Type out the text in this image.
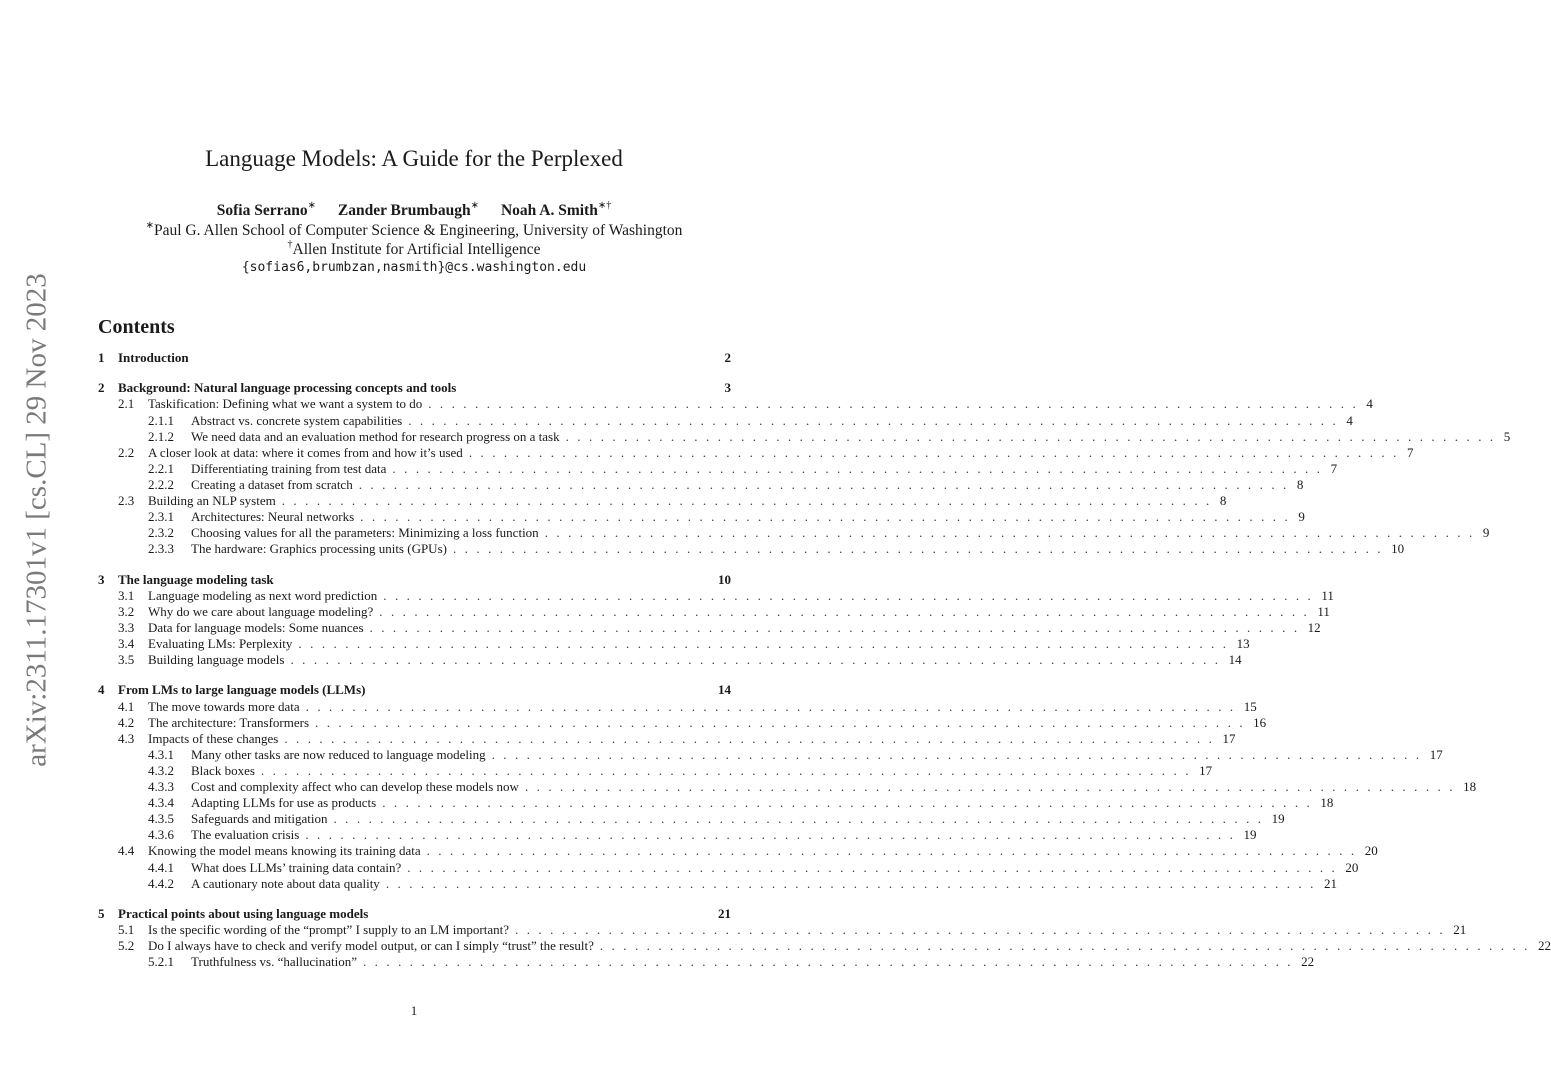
arXiv:2311.17301v1 [cs.CL] 29 Nov 2023
Language Models: A Guide for the Perplexed
Sofia Serrano∗ Zander Brumbaugh∗ Noah A. Smith∗†
∗Paul G. Allen School of Computer Science & Engineering, University of Washington
†Allen Institute for Artificial Intelligence
{sofias6,brumbzan,nasmith}@cs.washington.edu
Contents
1	Introduction	2
2	Background: Natural language processing concepts and tools	3
2.1	Taskification: Defining what we want a system to do . . . . . . . . . . . . . . . . . . . . . . . . . . . . . . . . . . . . . . . . . . . . . . . . . . . . . . . . . . . . . . . . . . . . . . . . . . . . . . . . 4
2.1.1	Abstract vs. concrete system capabilities . . . . . . . . . . . . . . . . . . . . . . . . . . . . . . . . . . . . . . . . . . . . . . . . . . . . . . . . . . . . . . . . . . . . . . . . . . . . . . . . 4
2.1.2	We need data and an evaluation method for research progress on a task . . . . . . . . . . . . . . . . . . . . . . . . . . . . . . . . . . . . . . . . . . . . . . . . . . . . . . . . . . . . . . . . . . . . . . . . . . . . . . . . 5
2.2	A closer look at data: where it comes from and how it’s used . . . . . . . . . . . . . . . . . . . . . . . . . . . . . . . . . . . . . . . . . . . . . . . . . . . . . . . . . . . . . . . . . . . . . . . . . . . . . . . . 7
2.2.1	Differentiating training from test data . . . . . . . . . . . . . . . . . . . . . . . . . . . . . . . . . . . . . . . . . . . . . . . . . . . . . . . . . . . . . . . . . . . . . . . . . . . . . . . . 7
2.2.2	Creating a dataset from scratch . . . . . . . . . . . . . . . . . . . . . . . . . . . . . . . . . . . . . . . . . . . . . . . . . . . . . . . . . . . . . . . . . . . . . . . . . . . . . . . . 8
2.3	Building an NLP system . . . . . . . . . . . . . . . . . . . . . . . . . . . . . . . . . . . . . . . . . . . . . . . . . . . . . . . . . . . . . . . . . . . . . . . . . . . . . . . . 8
2.3.1	Architectures: Neural networks . . . . . . . . . . . . . . . . . . . . . . . . . . . . . . . . . . . . . . . . . . . . . . . . . . . . . . . . . . . . . . . . . . . . . . . . . . . . . . . . 9
2.3.2	Choosing values for all the parameters: Minimizing a loss function . . . . . . . . . . . . . . . . . . . . . . . . . . . . . . . . . . . . . . . . . . . . . . . . . . . . . . . . . . . . . . . . . . . . . . . . . . . . . . . . 9
2.3.3	The hardware: Graphics processing units (GPUs) . . . . . . . . . . . . . . . . . . . . . . . . . . . . . . . . . . . . . . . . . . . . . . . . . . . . . . . . . . . . . . . . . . . . . . . . . . . . . . . . 10
3	The language modeling task	10
3.1	Language modeling as next word prediction . . . . . . . . . . . . . . . . . . . . . . . . . . . . . . . . . . . . . . . . . . . . . . . . . . . . . . . . . . . . . . . . . . . . . . . . . . . . . . . . 11
3.2	Why do we care about language modeling? . . . . . . . . . . . . . . . . . . . . . . . . . . . . . . . . . . . . . . . . . . . . . . . . . . . . . . . . . . . . . . . . . . . . . . . . . . . . . . . . 11
3.3	Data for language models: Some nuances . . . . . . . . . . . . . . . . . . . . . . . . . . . . . . . . . . . . . . . . . . . . . . . . . . . . . . . . . . . . . . . . . . . . . . . . . . . . . . . . 12
3.4	Evaluating LMs: Perplexity . . . . . . . . . . . . . . . . . . . . . . . . . . . . . . . . . . . . . . . . . . . . . . . . . . . . . . . . . . . . . . . . . . . . . . . . . . . . . . . . 13
3.5	Building language models . . . . . . . . . . . . . . . . . . . . . . . . . . . . . . . . . . . . . . . . . . . . . . . . . . . . . . . . . . . . . . . . . . . . . . . . . . . . . . . . 14
4	From LMs to large language models (LLMs)	14
4.1	The move towards more data . . . . . . . . . . . . . . . . . . . . . . . . . . . . . . . . . . . . . . . . . . . . . . . . . . . . . . . . . . . . . . . . . . . . . . . . . . . . . . . . 15
4.2	The architecture: Transformers . . . . . . . . . . . . . . . . . . . . . . . . . . . . . . . . . . . . . . . . . . . . . . . . . . . . . . . . . . . . . . . . . . . . . . . . . . . . . . . . 16
4.3	Impacts of these changes . . . . . . . . . . . . . . . . . . . . . . . . . . . . . . . . . . . . . . . . . . . . . . . . . . . . . . . . . . . . . . . . . . . . . . . . . . . . . . . . 17
4.3.1	Many other tasks are now reduced to language modeling . . . . . . . . . . . . . . . . . . . . . . . . . . . . . . . . . . . . . . . . . . . . . . . . . . . . . . . . . . . . . . . . . . . . . . . . . . . . . . . . 17
4.3.2	Black boxes . . . . . . . . . . . . . . . . . . . . . . . . . . . . . . . . . . . . . . . . . . . . . . . . . . . . . . . . . . . . . . . . . . . . . . . . . . . . . . . . 17
4.3.3	Cost and complexity affect who can develop these models now . . . . . . . . . . . . . . . . . . . . . . . . . . . . . . . . . . . . . . . . . . . . . . . . . . . . . . . . . . . . . . . . . . . . . . . . . . . . . . . . 18
4.3.4	Adapting LLMs for use as products . . . . . . . . . . . . . . . . . . . . . . . . . . . . . . . . . . . . . . . . . . . . . . . . . . . . . . . . . . . . . . . . . . . . . . . . . . . . . . . . 18
4.3.5	Safeguards and mitigation . . . . . . . . . . . . . . . . . . . . . . . . . . . . . . . . . . . . . . . . . . . . . . . . . . . . . . . . . . . . . . . . . . . . . . . . . . . . . . . . 19
4.3.6	The evaluation crisis . . . . . . . . . . . . . . . . . . . . . . . . . . . . . . . . . . . . . . . . . . . . . . . . . . . . . . . . . . . . . . . . . . . . . . . . . . . . . . . . 19
4.4	Knowing the model means knowing its training data . . . . . . . . . . . . . . . . . . . . . . . . . . . . . . . . . . . . . . . . . . . . . . . . . . . . . . . . . . . . . . . . . . . . . . . . . . . . . . . . 20
4.4.1	What does LLMs’ training data contain? . . . . . . . . . . . . . . . . . . . . . . . . . . . . . . . . . . . . . . . . . . . . . . . . . . . . . . . . . . . . . . . . . . . . . . . . . . . . . . . . 20
4.4.2	A cautionary note about data quality . . . . . . . . . . . . . . . . . . . . . . . . . . . . . . . . . . . . . . . . . . . . . . . . . . . . . . . . . . . . . . . . . . . . . . . . . . . . . . . . 21
5	Practical points about using language models	21
5.1	Is the specific wording of the “prompt” I supply to an LM important? . . . . . . . . . . . . . . . . . . . . . . . . . . . . . . . . . . . . . . . . . . . . . . . . . . . . . . . . . . . . . . . . . . . . . . . . . . . . . . . . 21
5.2	Do I always have to check and verify model output, or can I simply “trust” the result? . . . . . . . . . . . . . . . . . . . . . . . . . . . . . . . . . . . . . . . . . . . . . . . . . . . . . . . . . . . . . . . . . . . . . . . . . . . . . . . . 22
5.2.1	Truthfulness vs. “hallucination” . . . . . . . . . . . . . . . . . . . . . . . . . . . . . . . . . . . . . . . . . . . . . . . . . . . . . . . . . . . . . . . . . . . . . . . . . . . . . . . . 22
1
